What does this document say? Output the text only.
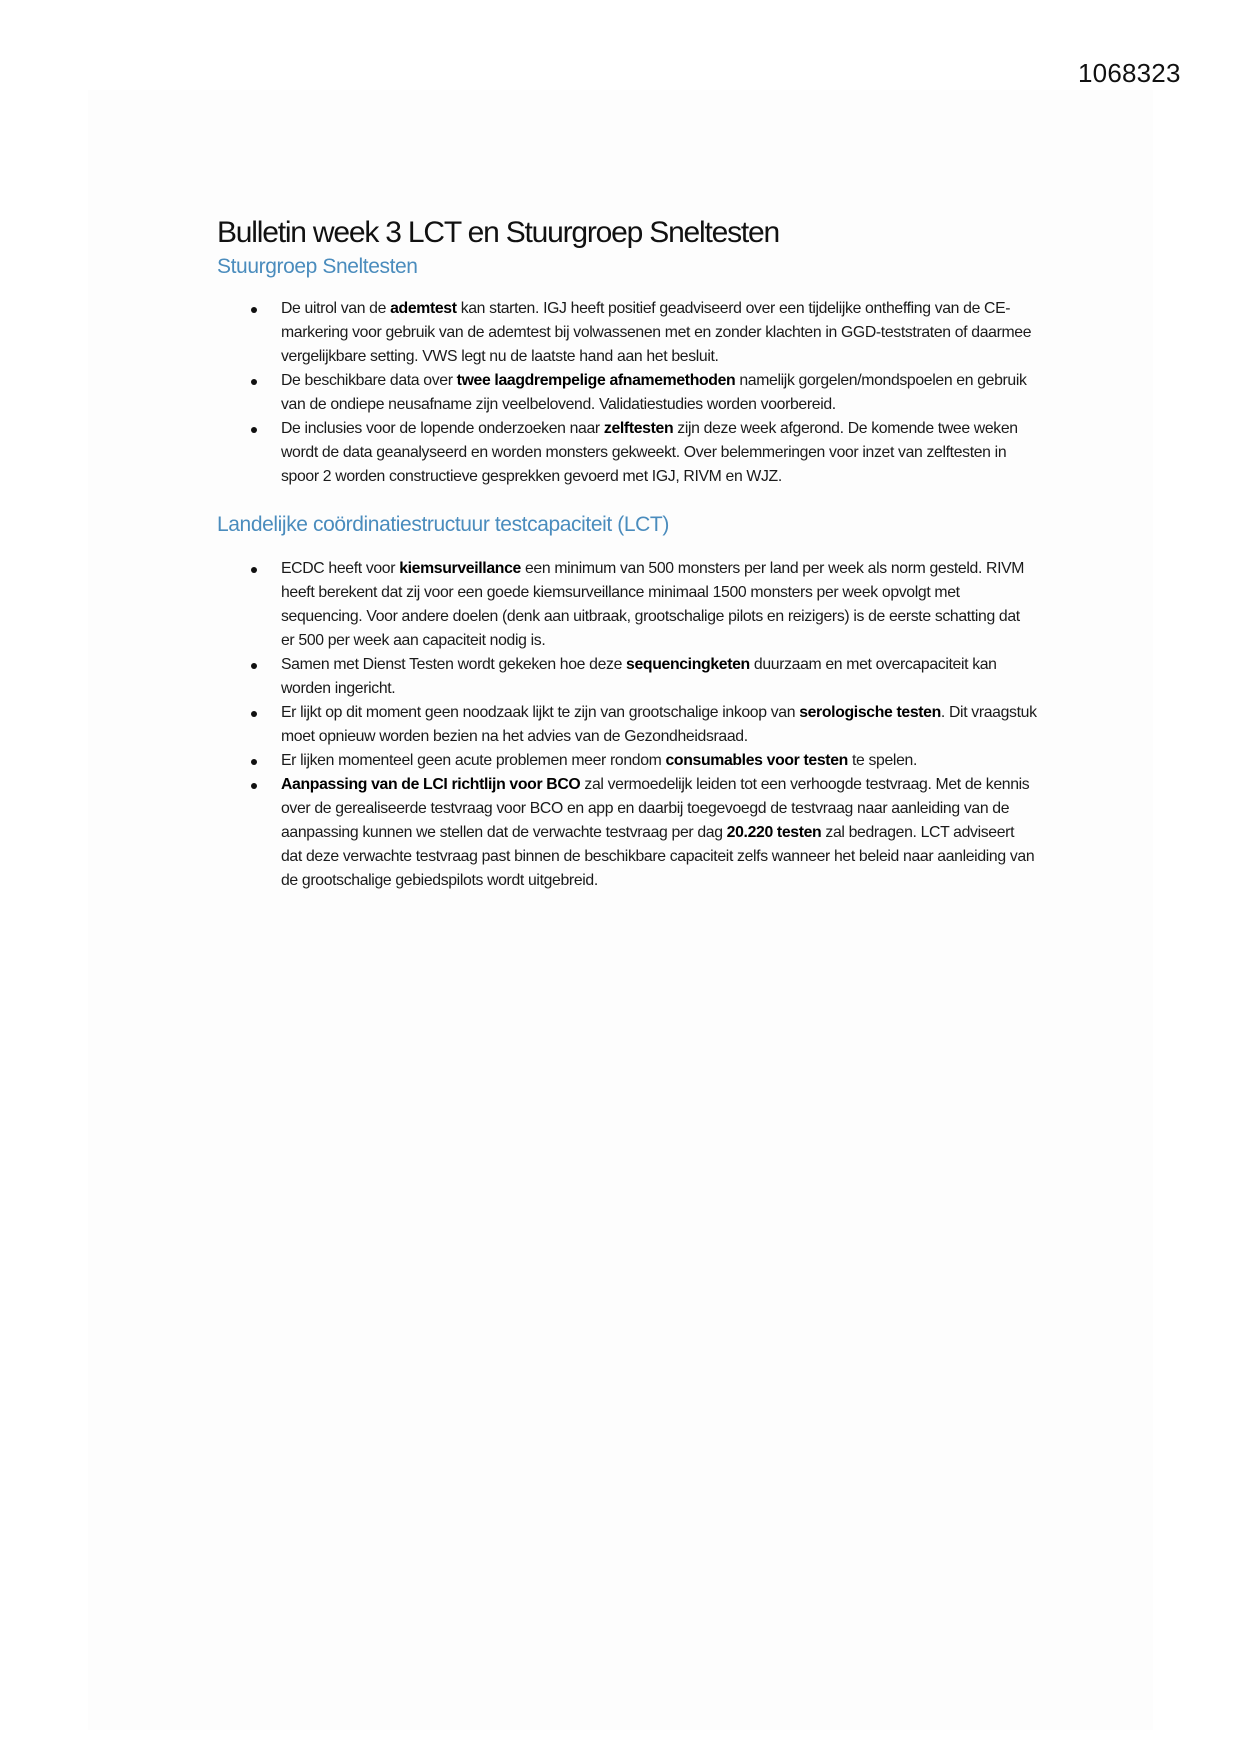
1068323
Bulletin week 3 LCT en Stuurgroep Sneltesten
Stuurgroep Sneltesten
De uitrol van de ademtest kan starten. IGJ heeft positief geadviseerd over een tijdelijke ontheffing van de CE-markering voor gebruik van de ademtest bij volwassenen met en zonder klachten in GGD-teststraten of daarmee vergelijkbare setting. VWS legt nu de laatste hand aan het besluit.
De beschikbare data over twee laagdrempelige afnamemethoden namelijk gorgelen/mondspoelen en gebruik van de ondiepe neusafname zijn veelbelovend. Validatiestudies worden voorbereid.
De inclusies voor de lopende onderzoeken naar zelftesten zijn deze week afgerond. De komende twee weken wordt de data geanalyseerd en worden monsters gekweekt. Over belemmeringen voor inzet van zelftesten in spoor 2 worden constructieve gesprekken gevoerd met IGJ, RIVM en WJZ.
Landelijke coördinatiestructuur testcapaciteit (LCT)
ECDC heeft voor kiemsurveillance een minimum van 500 monsters per land per week als norm gesteld. RIVM heeft berekent dat zij voor een goede kiemsurveillance minimaal 1500 monsters per week opvolgt met sequencing. Voor andere doelen (denk aan uitbraak, grootschalige pilots en reizigers) is de eerste schatting dat er 500 per week aan capaciteit nodig is.
Samen met Dienst Testen wordt gekeken hoe deze sequencingketen duurzaam en met overcapaciteit kan worden ingericht.
Er lijkt op dit moment geen noodzaak lijkt te zijn van grootschalige inkoop van serologische testen. Dit vraagstuk moet opnieuw worden bezien na het advies van de Gezondheidsraad.
Er lijken momenteel geen acute problemen meer rondom consumables voor testen te spelen.
Aanpassing van de LCI richtlijn voor BCO zal vermoedelijk leiden tot een verhoogde testvraag. Met de kennis over de gerealiseerde testvraag voor BCO en app en daarbij toegevoegd de testvraag naar aanleiding van de aanpassing kunnen we stellen dat de verwachte testvraag per dag 20.220 testen zal bedragen. LCT adviseert dat deze verwachte testvraag past binnen de beschikbare capaciteit zelfs wanneer het beleid naar aanleiding van de grootschalige gebiedspilots wordt uitgebreid.
